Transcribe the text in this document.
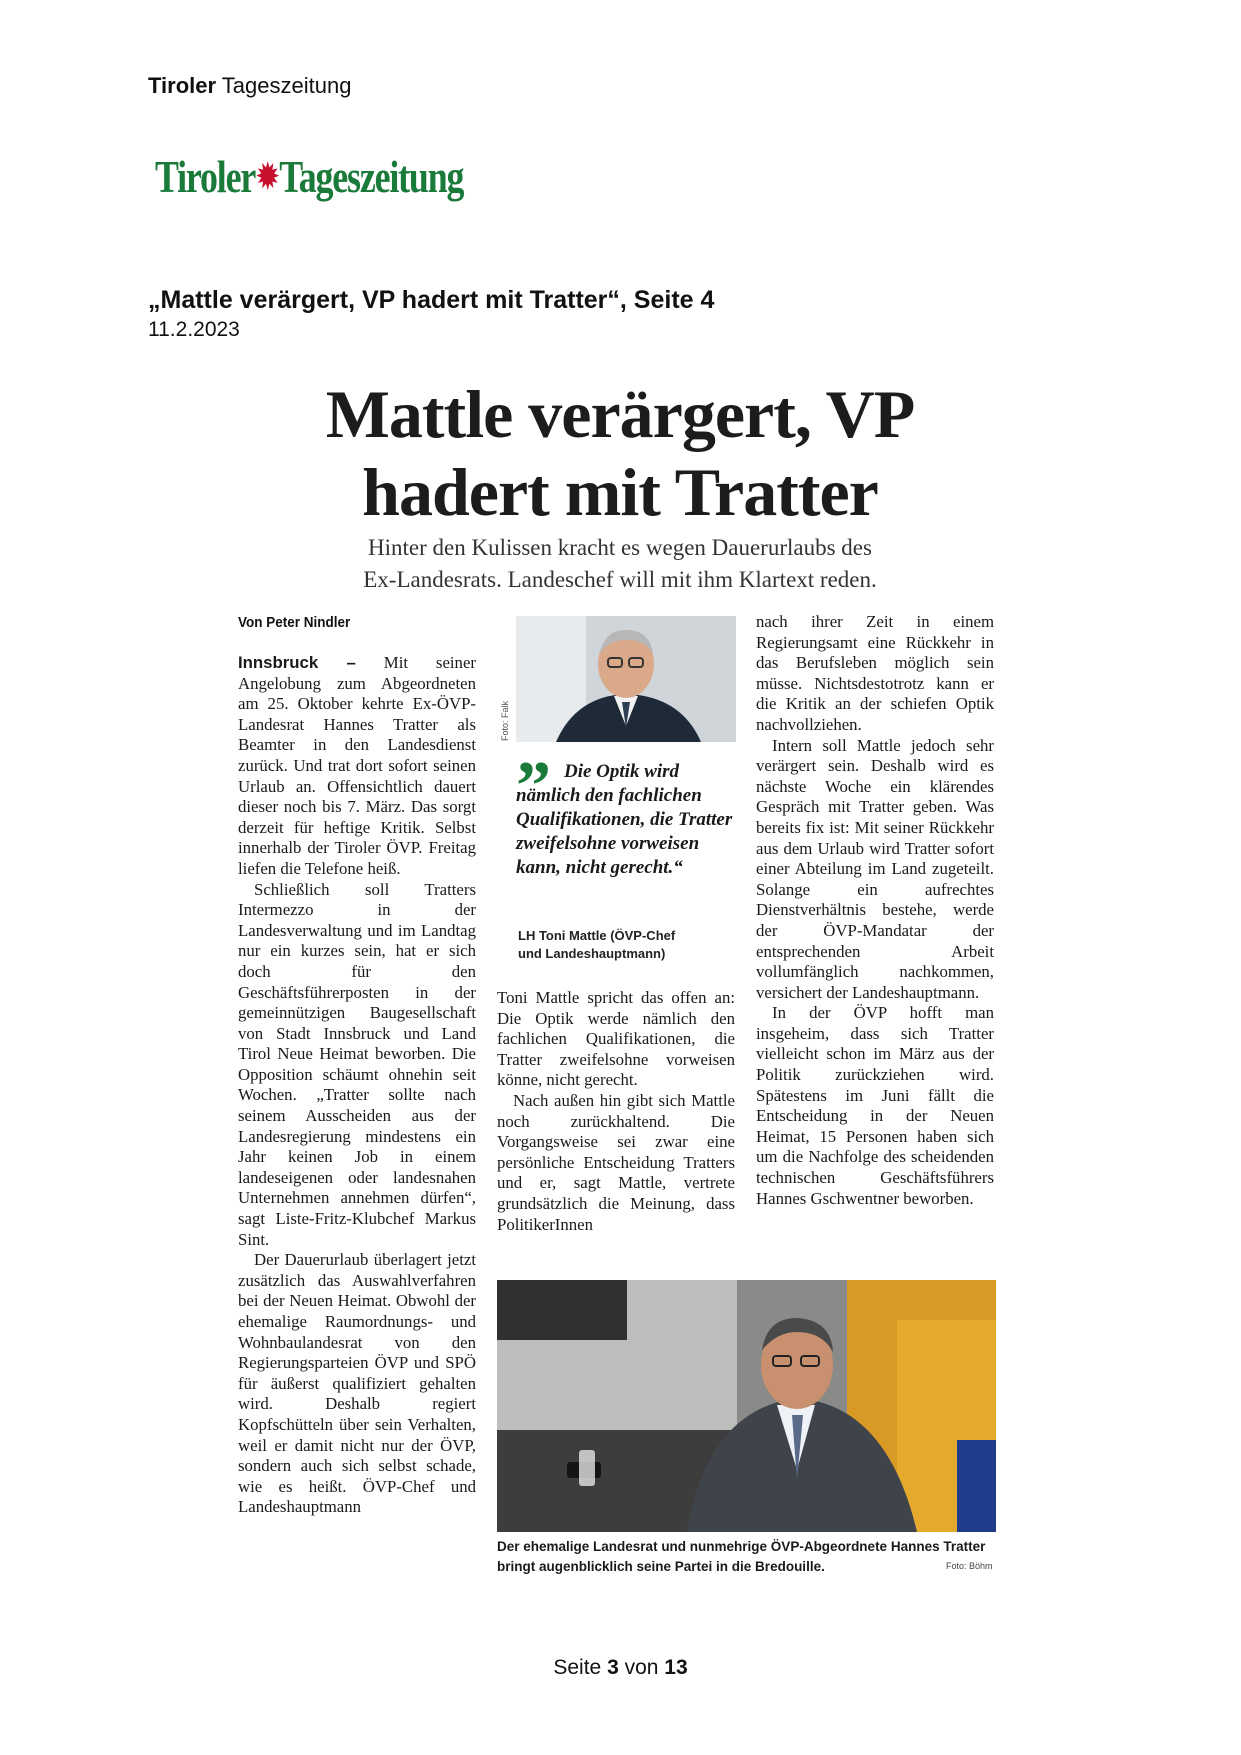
Tiroler Tageszeitung
Tiroler✹Tageszeitung
„Mattle verärgert, VP hadert mit Tratter“, Seite 4
11.2.2023
Mattle verärgert, VP
hadert mit Tratter
Hinter den Kulissen kracht es wegen Dauerurlaubs des
Ex-Landesrats. Landeschef will mit ihm Klartext reden.
Von Peter Nindler

Innsbruck – Mit seiner Angelobung zum Abgeordneten am 25. Oktober kehrte Ex-ÖVP-Landesrat Hannes Tratter als Beamter in den Landesdienst zurück. Und trat dort sofort seinen Urlaub an. Offensichtlich dauert dieser noch bis 7. März. Das sorgt derzeit für heftige Kritik. Selbst innerhalb der Tiroler ÖVP. Freitag liefen die Telefone heiß.

Schließlich soll Tratters Intermezzo in der Landesverwaltung und im Landtag nur ein kurzes sein, hat er sich doch für den Geschäftsführerposten in der gemeinnützigen Baugesellschaft von Stadt Innsbruck und Land Tirol Neue Heimat beworben. Die Opposition schäumt ohnehin seit Wochen. „Tratter sollte nach seinem Ausscheiden aus der Landesregierung mindestens ein Jahr keinen Job in einem landeseigenen oder landesnahen Unternehmen annehmen dürfen“, sagt Liste-Fritz-Klubchef Markus Sint.

Der Dauerurlaub überlagert jetzt zusätzlich das Auswahlverfahren bei der Neuen Heimat. Obwohl der ehemalige Raumordnungs- und Wohnbaulandesrat von den Regierungsparteien ÖVP und SPÖ für äußerst qualifiziert gehalten wird. Deshalb regiert Kopfschütteln über sein Verhalten, weil er damit nicht nur der ÖVP, sondern auch sich selbst schade, wie es heißt. ÖVP-Chef und Landeshauptmann

Foto: Falk
” Die Optik wird
nämlich den fachlichen Qualifikationen, die Tratter zweifelsohne vorweisen kann, nicht gerecht.“
LH Toni Mattle (ÖVP-Chef
und Landeshauptmann)

Toni Mattle spricht das offen an: Die Optik werde nämlich den fachlichen Qualifikationen, die Tratter zweifelsohne vorweisen könne, nicht gerecht.

Nach außen hin gibt sich Mattle noch zurückhaltend. Die Vorgangsweise sei zwar eine persönliche Entscheidung Tratters und er, sagt Mattle, vertrete grundsätzlich die Meinung, dass PolitikerInnen

nach ihrer Zeit in einem Regierungsamt eine Rückkehr in das Berufsleben möglich sein müsse. Nichtsdestotrotz kann er die Kritik an der schiefen Optik nachvollziehen.

Intern soll Mattle jedoch sehr verärgert sein. Deshalb wird es nächste Woche ein klärendes Gespräch mit Tratter geben. Was bereits fix ist: Mit seiner Rückkehr aus dem Urlaub wird Tratter sofort einer Abteilung im Land zugeteilt. Solange ein aufrechtes Dienstverhältnis bestehe, werde der ÖVP-Mandatar der entsprechenden Arbeit vollumfänglich nachkommen, versichert der Landeshauptmann.

In der ÖVP hofft man insgeheim, dass sich Tratter vielleicht schon im März aus der Politik zurückziehen wird. Spätestens im Juni fällt die Entscheidung in der Neuen Heimat, 15 Personen haben sich um die Nachfolge des scheidenden technischen Geschäftsführers Hannes Gschwentner beworben.

Der ehemalige Landesrat und nunmehrige ÖVP-Abgeordnete Hannes Tratter bringt augenblicklich seine Partei in die Bredouille.	Foto: Böhm
Seite 3 von 13
